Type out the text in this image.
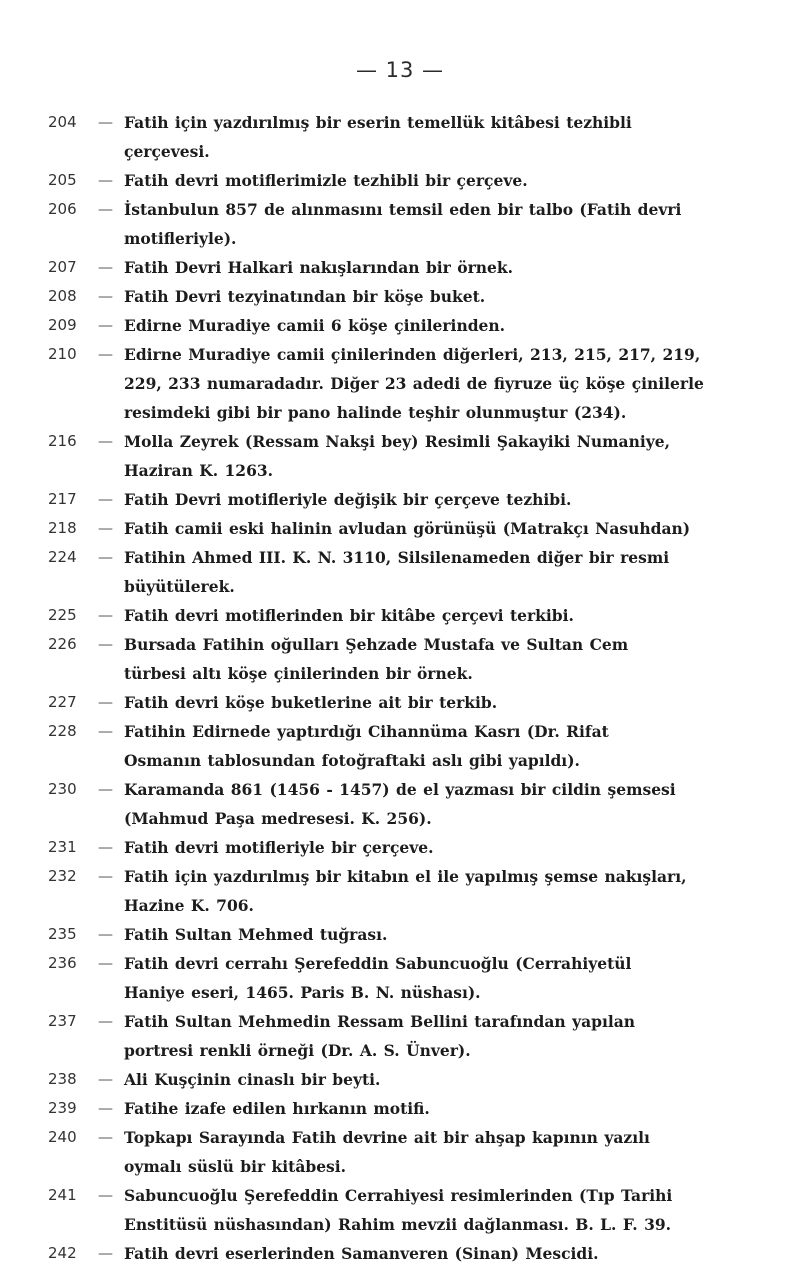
— 13 —
204	— Fatih için yazdırılmış bir eserin temellük kitâbesi tezhibli
çerçevesi.
205	— Fatih devri motiflerimizle tezhibli bir çerçeve.
206	— İstanbulun 857 de alınmasını temsil eden bir talbo (Fatih devri
motifleriyle).
207	— Fatih Devri Halkari nakışlarından bir örnek.
208	— Fatih Devri tezyinatından bir köşe buket.
209	— Edirne Muradiye camii 6 köşe çinilerinden.
210	— Edirne Muradiye camii çinilerinden diğerleri, 213, 215, 217, 219,
229, 233 numaradadır. Diğer 23 adedi de fiyruze üç köşe çinilerle
resimdeki gibi bir pano halinde teşhir olunmuştur (234).
216	— Molla Zeyrek (Ressam Nakşi bey) Resimli Şakayiki Numaniye,
Haziran K. 1263.
217	— Fatih Devri motifleriyle değişik bir çerçeve tezhibi.
218	— Fatih camii eski halinin avludan görünüşü (Matrakçı Nasuhdan)
224	— Fatihin Ahmed III. K. N. 3110, Silsilenameden diğer bir resmi
büyütülerek.
225	— Fatih devri motiflerinden bir kitâbe çerçevi terkibi.
226	— Bursada Fatihin oğulları Şehzade Mustafa ve Sultan Cem
türbesi altı köşe çinilerinden bir örnek.
227	— Fatih devri köşe buketlerine ait bir terkib.
228	— Fatihin Edirnede yaptırdığı Cihannüma Kasrı (Dr. Rifat
Osmanın tablosundan fotoğraftaki aslı gibi yapıldı).
230	— Karamanda 861 (1456 - 1457) de el yazması bir cildin şemsesi
(Mahmud Paşa medresesi. K. 256).
231	— Fatih devri motifleriyle bir çerçeve.
232	— Fatih için yazdırılmış bir kitabın el ile yapılmış şemse nakışları,
Hazine K. 706.
235	— Fatih Sultan Mehmed tuğrası.
236	— Fatih devri cerrahı Şerefeddin Sabuncuoğlu (Cerrahiyetül
Haniye eseri, 1465. Paris B. N. nüshası).
237	— Fatih Sultan Mehmedin Ressam Bellini tarafından yapılan
portresi renkli örneği (Dr. A. S. Ünver).
238	— Ali Kuşçinin cinaslı bir beyti.
239	— Fatihe izafe edilen hırkanın motifi.
240	— Topkapı Sarayında Fatih devrine ait bir ahşap kapının yazılı
oymalı süslü bir kitâbesi.
241	— Sabuncuoğlu Şerefeddin Cerrahiyesi resimlerinden (Tıp Tarihi
Enstitüsü nüshasından) Rahim mevzii dağlanması. B. L. F. 39.
242	— Fatih devri eserlerinden Samanveren (Sinan) Mescidi.
